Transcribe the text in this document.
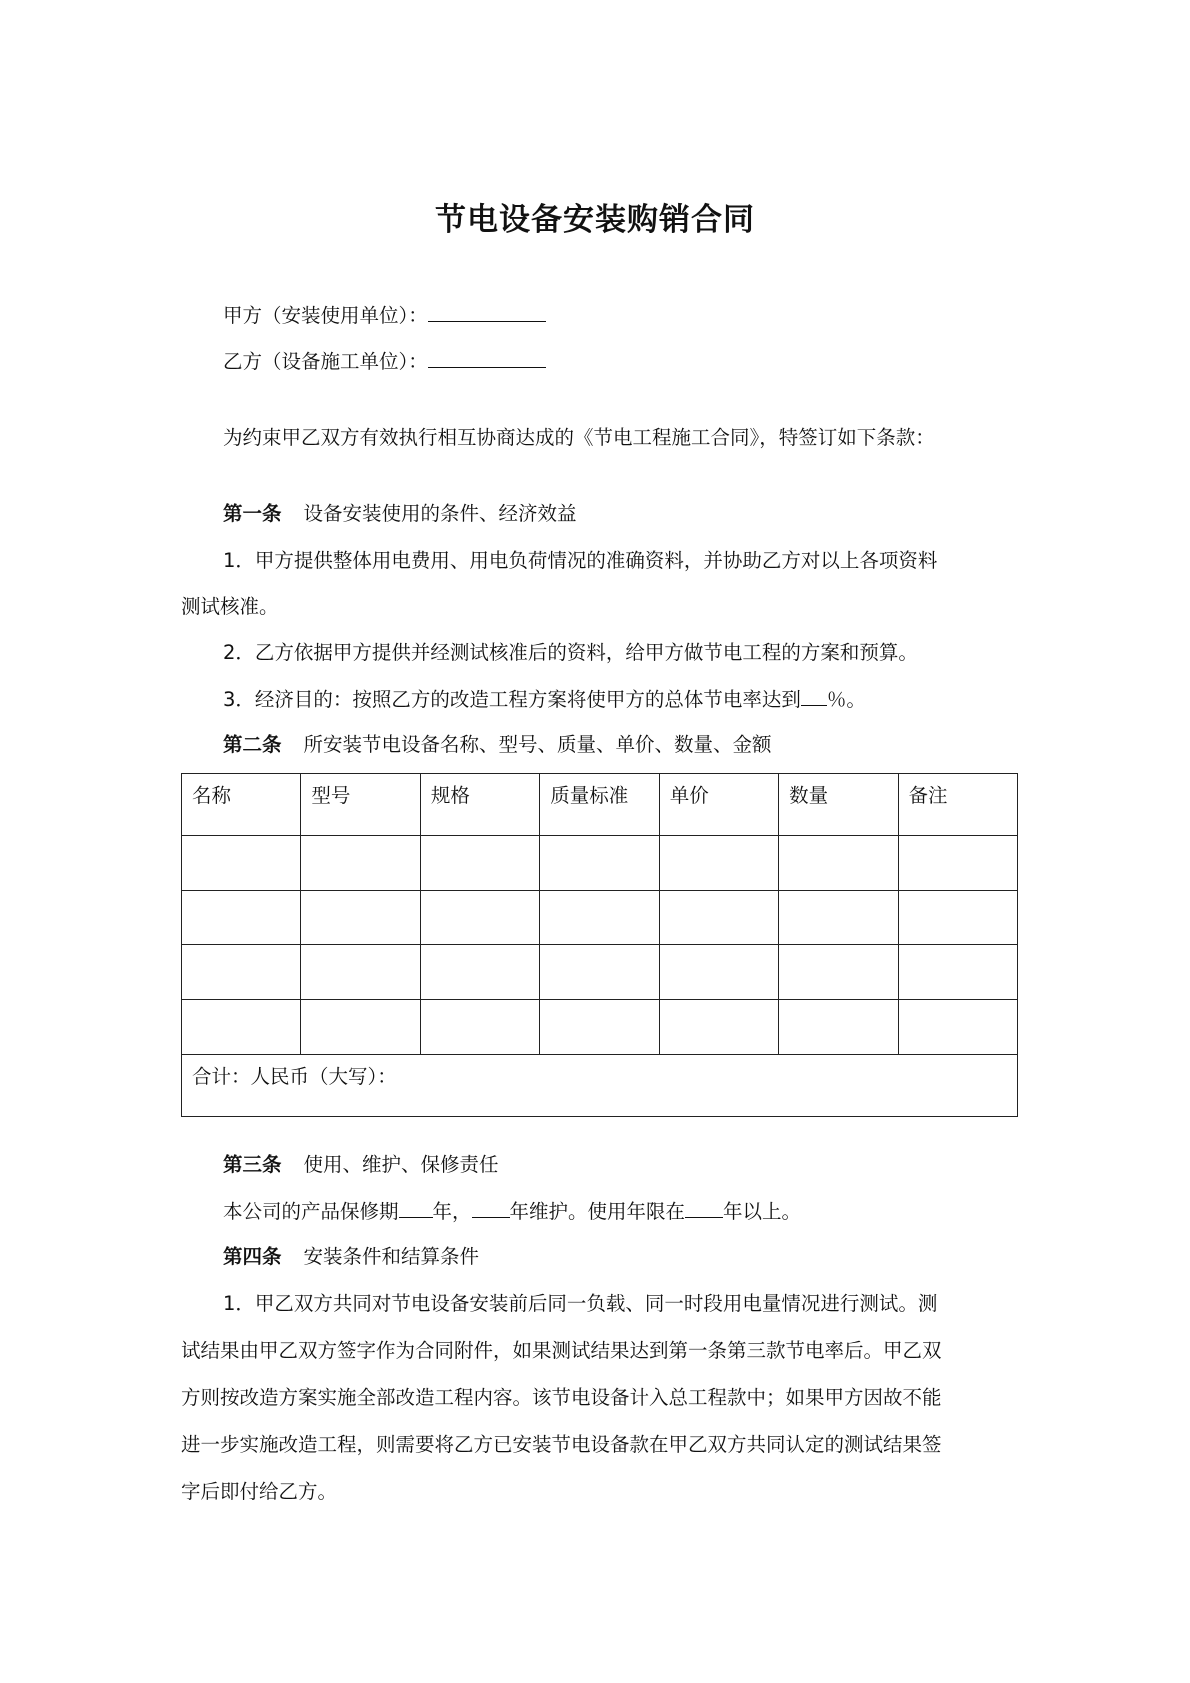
节电设备安装购销合同
甲方（安装使用单位）：
乙方（设备施工单位）：
为约束甲乙双方有效执行相互协商达成的《节电工程施工合同》，特签订如下条款：
第一条 设备安装使用的条件、经济效益
1．甲方提供整体用电费用、用电负荷情况的准确资料，并协助乙方对以上各项资料
测试核准。
2．乙方依据甲方提供并经测试核准后的资料，给甲方做节电工程的方案和预算。
3．经济目的：按照乙方的改造工程方案将使甲方的总体节电率达到 ％。
第二条 所安装节电设备名称、型号、质量、单价、数量、金额
名称	型号	规格	质量标准	单价	数量	备注

合计：人民币（大写）：						
第三条 使用、维护、保修责任
本公司的产品保修期 年， 年维护。使用年限在 年以上。
第四条 安装条件和结算条件
1．甲乙双方共同对节电设备安装前后同一负载、同一时段用电量情况进行测试。测
试结果由甲乙双方签字作为合同附件，如果测试结果达到第一条第三款节电率后。甲乙双
方则按改造方案实施全部改造工程内容。该节电设备计入总工程款中；如果甲方因故不能
进一步实施改造工程，则需要将乙方已安装节电设备款在甲乙双方共同认定的测试结果签
字后即付给乙方。
